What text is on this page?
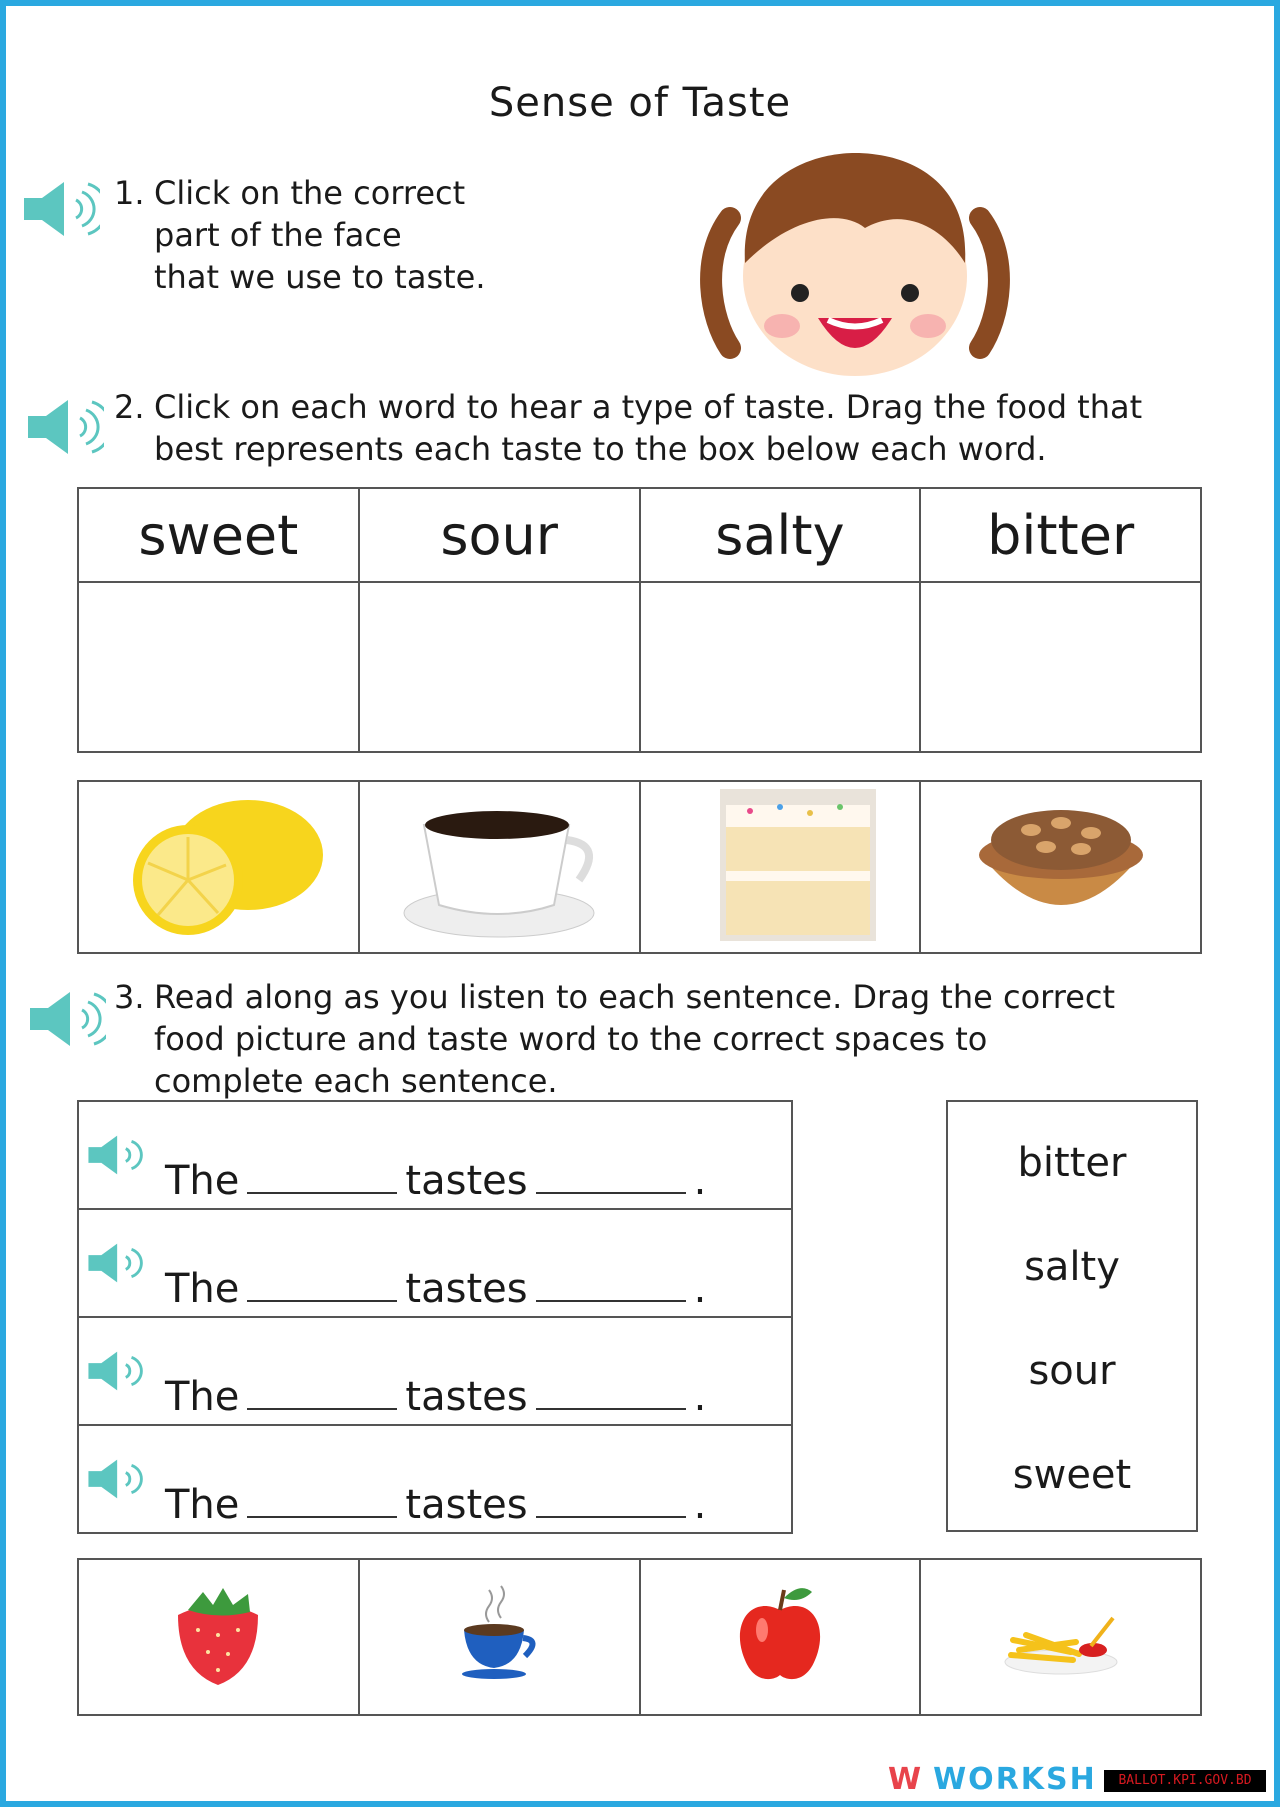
Sense of Taste
1. Click on the correct
part of the face
that we use to taste.
2. Click on each word to hear a type of taste. Drag the food that
best represents each taste to the box below each word.
sweet	sour	salty	bitter

3. Read along as you listen to each sentence. Drag the correct
food picture and taste word to the correct spaces to
complete each sentence.
The	tastes	.

The	tastes	.

The	tastes	.

The	tastes	.
bitter
salty
sour
sweet

W WORKSH	BALLOT.KPI.GOV.BD
